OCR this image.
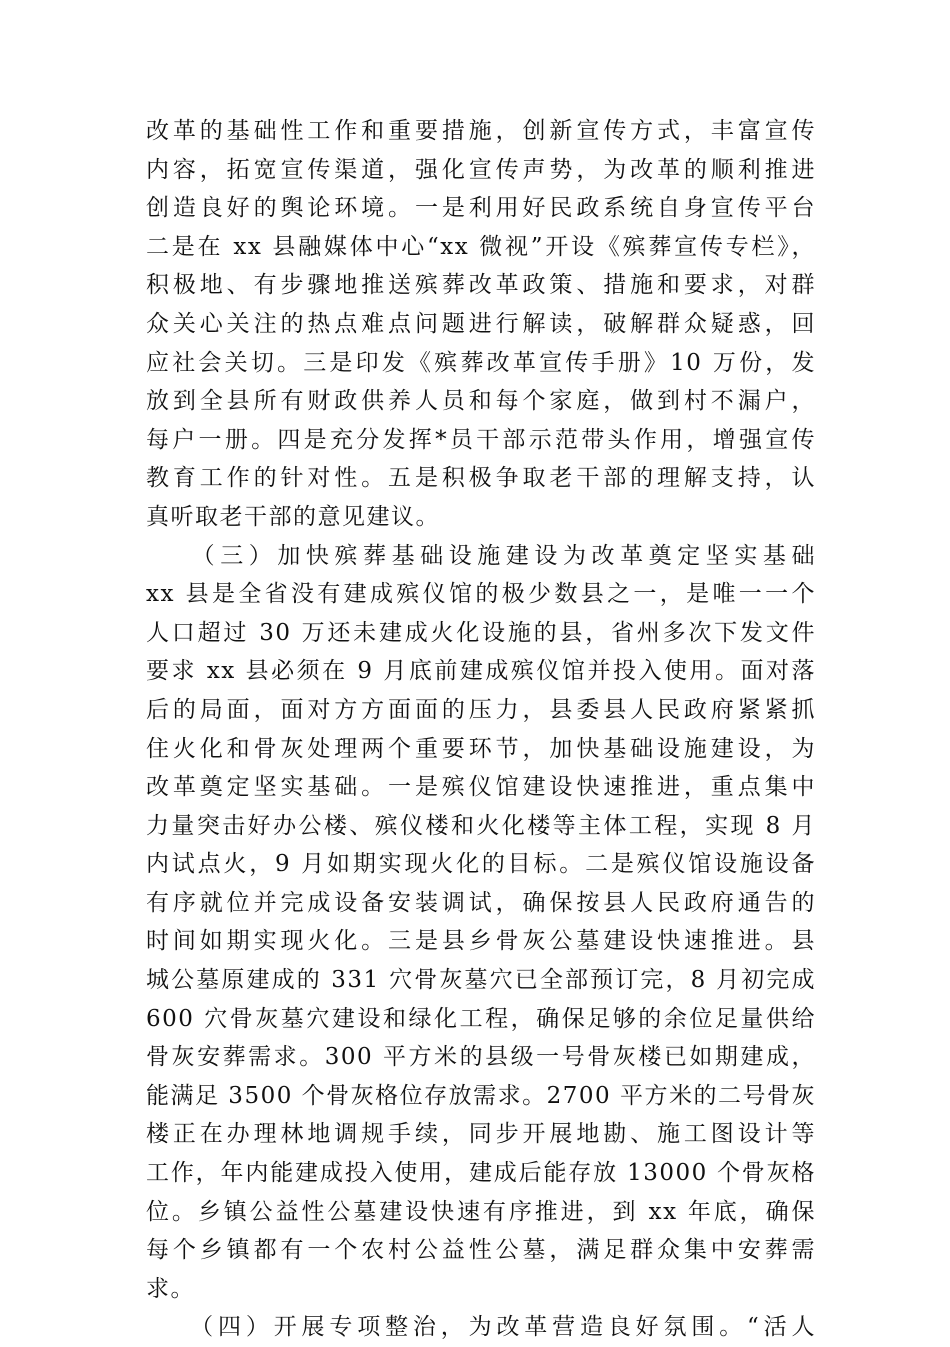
改革的基础性工作和重要措施，创新宣传方式，丰富宣传
内容，拓宽宣传渠道，强化宣传声势，为改革的顺利推进
创造良好的舆论环境。一是利用好民政系统自身宣传平台
二是在 xx 县融媒体中心“xx 微视”开设《殡葬宣传专栏》，
积极地、有步骤地推送殡葬改革政策、措施和要求，对群
众关心关注的热点难点问题进行解读，破解群众疑惑，回
应社会关切。三是印发《殡葬改革宣传手册》10 万份，发
放到全县所有财政供养人员和每个家庭，做到村不漏户，
每户一册。四是充分发挥*员干部示范带头作用，增强宣传
教育工作的针对性。五是积极争取老干部的理解支持，认
真听取老干部的意见建议。
　　（三）加快殡葬基础设施建设为改革奠定坚实基础
xx 县是全省没有建成殡仪馆的极少数县之一，是唯一一个
人口超过 30 万还未建成火化设施的县，省州多次下发文件
要求 xx 县必须在 9 月底前建成殡仪馆并投入使用。面对落
后的局面，面对方方面面的压力，县委县人民政府紧紧抓
住火化和骨灰处理两个重要环节，加快基础设施建设，为
改革奠定坚实基础。一是殡仪馆建设快速推进，重点集中
力量突击好办公楼、殡仪楼和火化楼等主体工程，实现 8 月
内试点火，9 月如期实现火化的目标。二是殡仪馆设施设备
有序就位并完成设备安装调试，确保按县人民政府通告的
时间如期实现火化。三是县乡骨灰公墓建设快速推进。县
城公墓原建成的 331 穴骨灰墓穴已全部预订完，8 月初完成
600 穴骨灰墓穴建设和绿化工程，确保足够的余位足量供给
骨灰安葬需求。300 平方米的县级一号骨灰楼已如期建成，
能满足 3500 个骨灰格位存放需求。2700 平方米的二号骨灰
楼正在办理林地调规手续，同步开展地勘、施工图设计等
工作，年内能建成投入使用，建成后能存放 13000 个骨灰格
位。乡镇公益性公墓建设快速有序推进，到 xx 年底，确保
每个乡镇都有一个农村公益性公墓，满足群众集中安葬需
求。
　　（四）开展专项整治，为改革营造良好氛围。“活人
